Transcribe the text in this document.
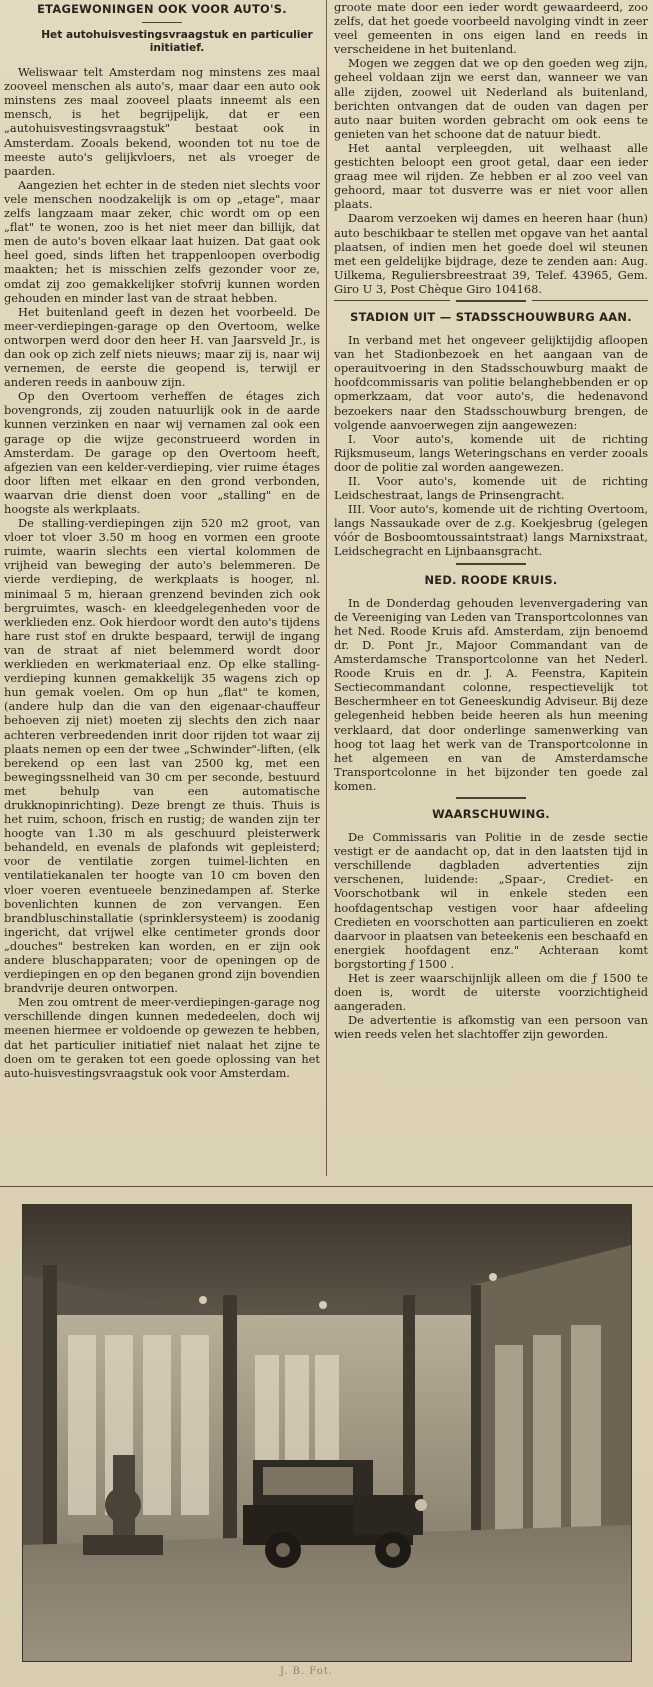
ETAGEWONINGEN OOK VOOR AUTO'S.
Het autohuisvestingsvraagstuk en particulier initiatief.

Weliswaar telt Amsterdam nog minstens zes maal zooveel menschen als auto's, maar daar een auto ook minstens zes maal zooveel plaats inneemt als een mensch, is het begrijpelijk, dat er een „autohuisvestingsvraagstuk" bestaat ook in Amsterdam. Zooals bekend, woonden tot nu toe de meeste auto's gelijkvloers, net als vroeger de paarden.

Aangezien het echter in de steden niet slechts voor vele menschen noodzakelijk is om op „etage", maar zelfs langzaam maar zeker, chic wordt om op een „flat" te wonen, zoo is het niet meer dan billijk, dat men de auto's boven elkaar laat huizen. Dat gaat ook heel goed, sinds liften het trappenloopen overbodig maakten; het is misschien zelfs gezonder voor ze, omdat zij zoo gemakkelijker stofvrij kunnen worden gehouden en minder last van de straat hebben.

Het buitenland geeft in dezen het voorbeeld. De meer-verdiepingen-garage op den Overtoom, welke ontworpen werd door den heer H. van Jaarsveld Jr., is dan ook op zich zelf niets nieuws; maar zij is, naar wij vernemen, de eerste die geopend is, terwijl er anderen reeds in aanbouw zijn.

Op den Overtoom verheffen de étages zich bovengronds, zij zouden natuurlijk ook in de aarde kunnen verzinken en naar wij vernamen zal ook een garage op die wijze geconstrueerd worden in Amsterdam. De garage op den Overtoom heeft, afgezien van een kelder-verdieping, vier ruime étages door liften met elkaar en den grond verbonden, waarvan drie dienst doen voor „stalling" en de hoogste als werkplaats.

De stalling-verdiepingen zijn 520 m2 groot, van vloer tot vloer 3.50 m hoog en vormen een groote ruimte, waarin slechts een viertal kolommen de vrijheid van beweging der auto's belemmeren. De vierde verdieping, de werkplaats is hooger, nl. minimaal 5 m, hieraan grenzend bevinden zich ook bergruimtes, wasch- en kleedgelegenheden voor de werklieden enz. Ook hierdoor wordt den auto's tijdens hare rust stof en drukte bespaard, terwijl de ingang van de straat af niet belemmerd wordt door werklieden en werkmateriaal enz. Op elke stalling-verdieping kunnen gemakkelijk 35 wagens zich op hun gemak voelen. Om op hun „flat" te komen, (andere hulp dan die van den eigenaar-chauffeur behoeven zij niet) moeten zij slechts den zich naar achteren verbreedenden inrit door rijden tot waar zij plaats nemen op een der twee „Schwinder"-liften, (elk berekend op een last van 2500 kg, met een bewegingssnelheid van 30 cm per seconde, bestuurd met behulp van een automatische drukknopinrichting). Deze brengt ze thuis. Thuis is het ruim, schoon, frisch en rustig; de wanden zijn ter hoogte van 1.30 m als geschuurd pleisterwerk behandeld, en evenals de plafonds wit gepleisterd; voor de ventilatie zorgen tuimel-lichten en ventilatiekanalen ter hoogte van 10 cm boven den vloer voeren eventueele benzinedampen af. Sterke bovenlichten kunnen de zon vervangen. Een brandbluschinstallatie (sprinklersysteem) is zoodanig ingericht, dat vrijwel elke centimeter gronds door „douches" bestreken kan worden, en er zijn ook andere bluschapparaten; voor de openingen op de verdiepingen en op den beganen grond zijn bovendien brandvrije deuren ontworpen.

Men zou omtrent de meer-verdiepingen-garage nog verschillende dingen kunnen mededeelen, doch wij meenen hiermee er voldoende op gewezen te hebben, dat het particulier initiatief niet nalaat het zijne te doen om te geraken tot een goede oplossing van het auto-huisvestingsvraagstuk ook voor Amsterdam.

groote mate door een ieder wordt gewaardeerd, zoo zelfs, dat het goede voorbeeld navolging vindt in zeer veel gemeenten in ons eigen land en reeds in verscheidene in het buitenland.

Mogen we zeggen dat we op den goeden weg zijn, geheel voldaan zijn we eerst dan, wanneer we van alle zijden, zoowel uit Nederland als buitenland, berichten ontvangen dat de ouden van dagen per auto naar buiten worden gebracht om ook eens te genieten van het schoone dat de natuur biedt.

Het aantal verpleegden, uit welhaast alle gestichten beloopt een groot getal, daar een ieder graag mee wil rijden. Ze hebben er al zoo veel van gehoord, maar tot dusverre was er niet voor allen plaats.

Daarom verzoeken wij dames en heeren haar (hun) auto beschikbaar te stellen met opgave van het aantal plaatsen, of indien men het goede doel wil steunen met een geldelijke bijdrage, deze te zenden aan: Aug. Uilkema, Reguliersbreestraat 39, Telef. 43965, Gem. Giro U 3, Post Chèque Giro 104168.

STADION UIT — STADSSCHOUWBURG AAN.

In verband met het ongeveer gelijktijdig afloopen van het Stadionbezoek en het aangaan van de operauitvoering in den Stadsschouwburg maakt de hoofdcommissaris van politie belanghebbenden er op opmerkzaam, dat voor auto's, die hedenavond bezoekers naar den Stadsschouwburg brengen, de volgende aanvoerwegen zijn aangewezen:

I. Voor auto's, komende uit de richting Rijksmuseum, langs Weteringschans en verder zooals door de politie zal worden aangewezen.

II. Voor auto's, komende uit de richting Leidschestraat, langs de Prinsengracht.

III. Voor auto's, komende uit de richting Overtoom, langs Nassaukade over de z.g. Koekjesbrug (gelegen vóór de Bosboomtoussaintstraat) langs Marnixstraat, Leidschegracht en Lijnbaansgracht.

NED. ROODE KRUIS.

In de Donderdag gehouden levenvergadering van de Vereeniging van Leden van Transportcolonnes van het Ned. Roode Kruis afd. Amsterdam, zijn benoemd dr. D. Pont Jr., Majoor Commandant van de Amsterdamsche Transportcolonne van het Nederl. Roode Kruis en dr. J. A. Feenstra, Kapitein Sectiecommandant colonne, respectievelijk tot Beschermheer en tot Geneeskundig Adviseur. Bij deze gelegenheid hebben beide heeren als hun meening verklaard, dat door onderlinge samenwerking van hoog tot laag het werk van de Transportcolonne in het algemeen en van de Amsterdamsche Transportcolonne in het bijzonder ten goede zal komen.

WAARSCHUWING.

De Commissaris van Politie in de zesde sectie vestigt er de aandacht op, dat in den laatsten tijd in verschillende dagbladen advertenties zijn verschenen, luidende: „Spaar-, Crediet- en Voorschotbank wil in enkele steden een hoofdagentschap vestigen voor haar afdeeling Credieten en voorschotten aan particulieren en zoekt daarvoor in plaatsen van beteekenis een beschaafd en energiek hoofdagent enz." Achteraan komt borgstorting ƒ 1500 .

Het is zeer waarschijnlijk alleen om die ƒ 1500 te doen is, wordt de uiterste voorzichtigheid aangeraden.

De advertentie is afkomstig van een persoon van wien reeds velen het slachtoffer zijn geworden.

J. B. Fot.
